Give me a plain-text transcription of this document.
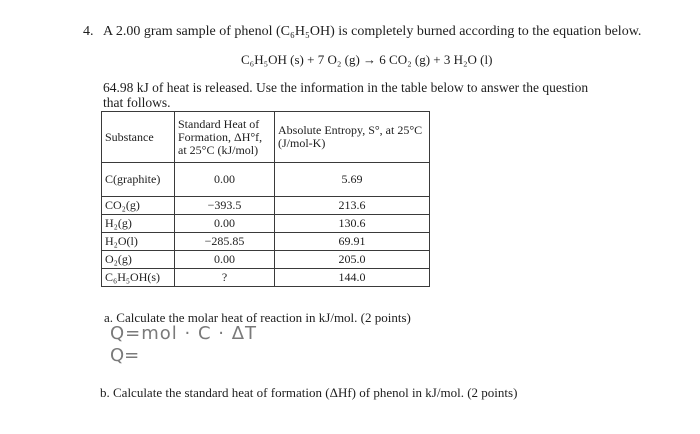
4. A 2.00 gram sample of phenol (C₆H₅OH) is completely burned according to the equation below.
C₆H₅OH (s) + 7 O₂ (g) → 6 CO₂ (g) + 3 H₂O (l)
64.98 kJ of heat is released. Use the information in the table below to answer the question that follows.
Substance	Standard Heat of Formation, ΔH°f, at 25°C (kJ/mol)	Absolute Entropy, S°, at 25°C (J/mol-K)
C(graphite)	0.00	5.69
CO₂(g)	−393.5	213.6
H₂(g)	0.00	130.6
H₂O(l)	−285.85	69.91
O₂(g)	0.00	205.0
C₆H₅OH(s)	?	144.0
a. Calculate the molar heat of reaction in kJ/mol. (2 points)
Q=mol · C · ΔT
Q=
b. Calculate the standard heat of formation (ΔHf) of phenol in kJ/mol. (2 points)
